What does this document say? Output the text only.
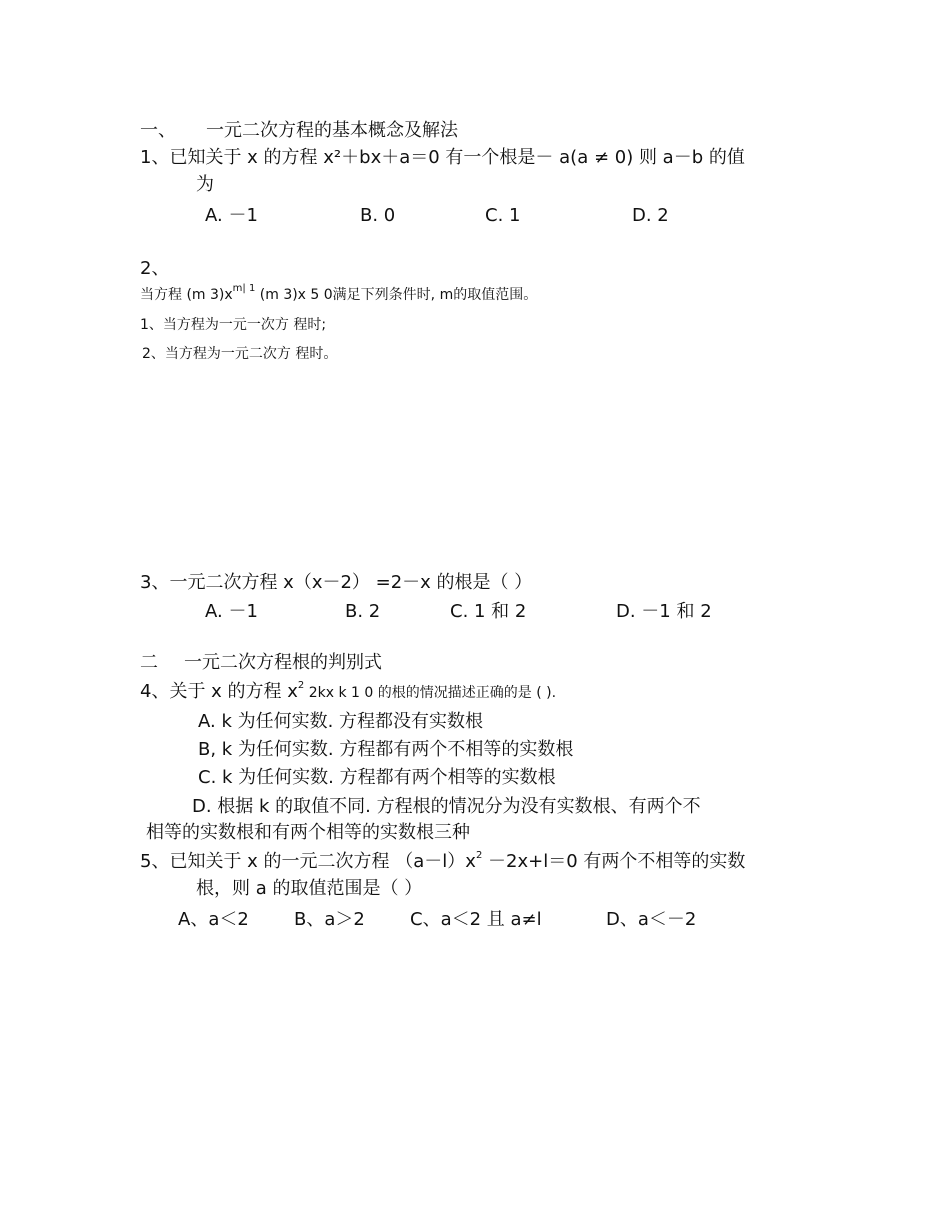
一、 一元二次方程的基本概念及解法
1、已知关于 x 的方程 x²＋bx＋a＝0 有一个根是－ a(a ≠ 0) 则 a－b 的值
为
A. －1	B. 0	C. 1	D. 2
2、
当方程 (m $3)x^{m| 1}$ (m 3)x 5 0满足下列条件时, m的取值范围。
1、当方程为一元一次方 程时;
2、当方程为一元二次方 程时。
3、一元二次方程 x（x－2） =2－x 的根是（ ）
A. －1	B. 2	C. 1 和 2	D. －1 和 2
二 一元二次方程根的判别式
4、关于 x 的方程 $x^2$ 2kx k 1 0 的根的情况描述正确的是 ( ).
A. k 为任何实数. 方程都没有实数根
B, k 为任何实数. 方程都有两个不相等的实数根
C. k 为任何实数. 方程都有两个相等的实数根
D. 根据 k 的取值不同. 方程根的情况分为没有实数根、有两个不
相等的实数根和有两个相等的实数根三种
5、已知关于 x 的一元二次方程 $(a-l)x^2 -2x+l=0$ 有两个不相等的实数
根，则 a 的取值范围是（ ）
A、a＜2	B、a＞2	C、a＜2 且 a≠l	D、a＜－2
